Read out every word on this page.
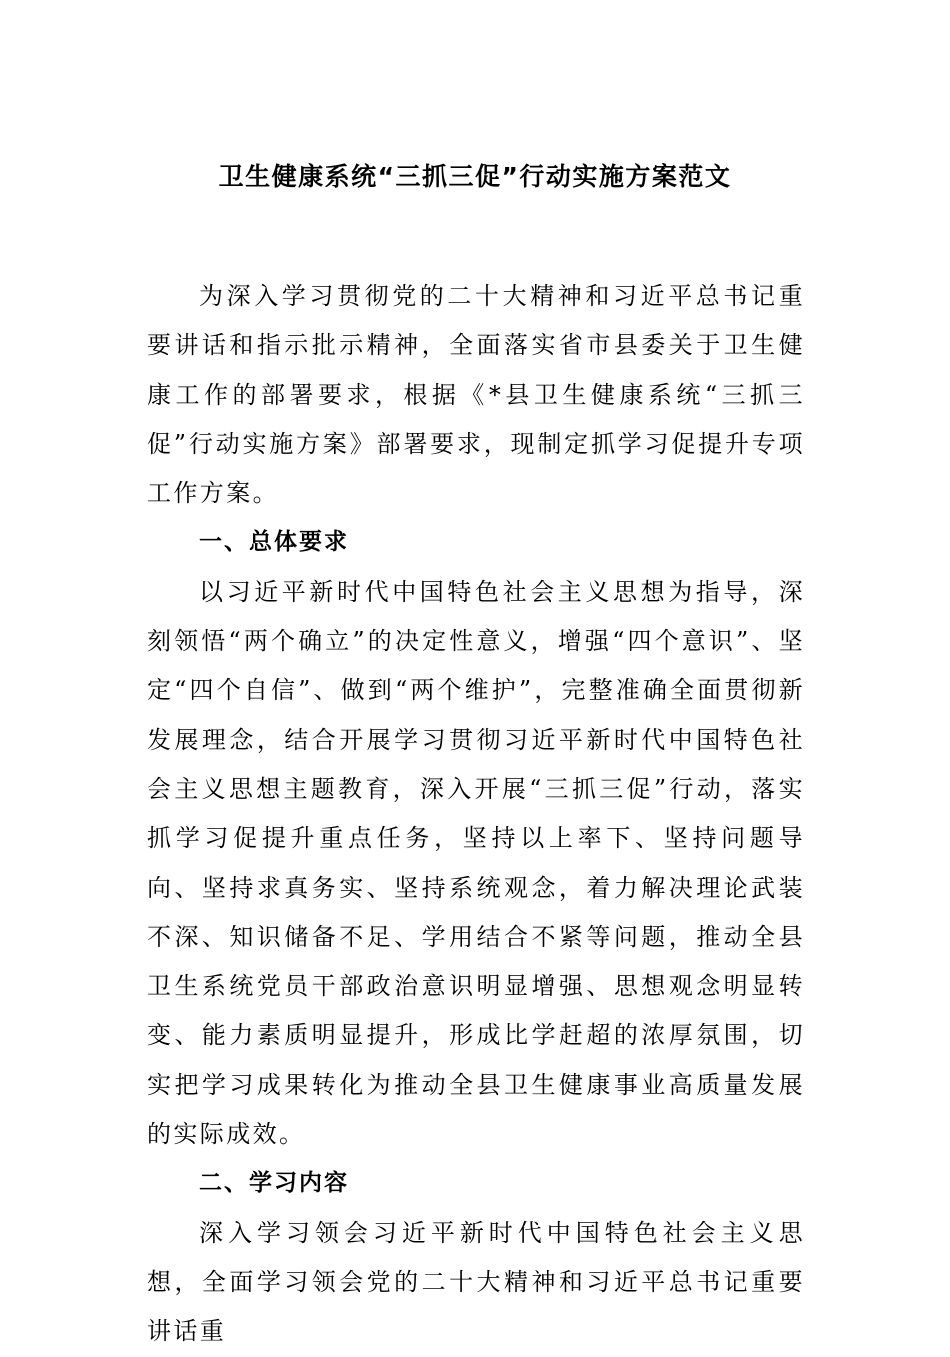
卫生健康系统“三抓三促”行动实施方案范文

为深入学习贯彻党的二十大精神和习近平总书记重要讲话和指示批示精神，全面落实省市县委关于卫生健康工作的部署要求，根据《*县卫生健康系统“三抓三促”行动实施方案》部署要求，现制定抓学习促提升专项工作方案。

一、总体要求

以习近平新时代中国特色社会主义思想为指导，深刻领悟“两个确立”的决定性意义，增强“四个意识”、坚定“四个自信”、做到“两个维护”，完整准确全面贯彻新发展理念，结合开展学习贯彻习近平新时代中国特色社会主义思想主题教育，深入开展“三抓三促”行动，落实抓学习促提升重点任务，坚持以上率下、坚持问题导向、坚持求真务实、坚持系统观念，着力解决理论武装不深、知识储备不足、学用结合不紧等问题，推动全县卫生系统党员干部政治意识明显增强、思想观念明显转变、能力素质明显提升，形成比学赶超的浓厚氛围，切实把学习成果转化为推动全县卫生健康事业高质量发展的实际成效。

二、学习内容

深入学习领会习近平新时代中国特色社会主义思想，全面学习领会党的二十大精神和习近平总书记重要讲话重
